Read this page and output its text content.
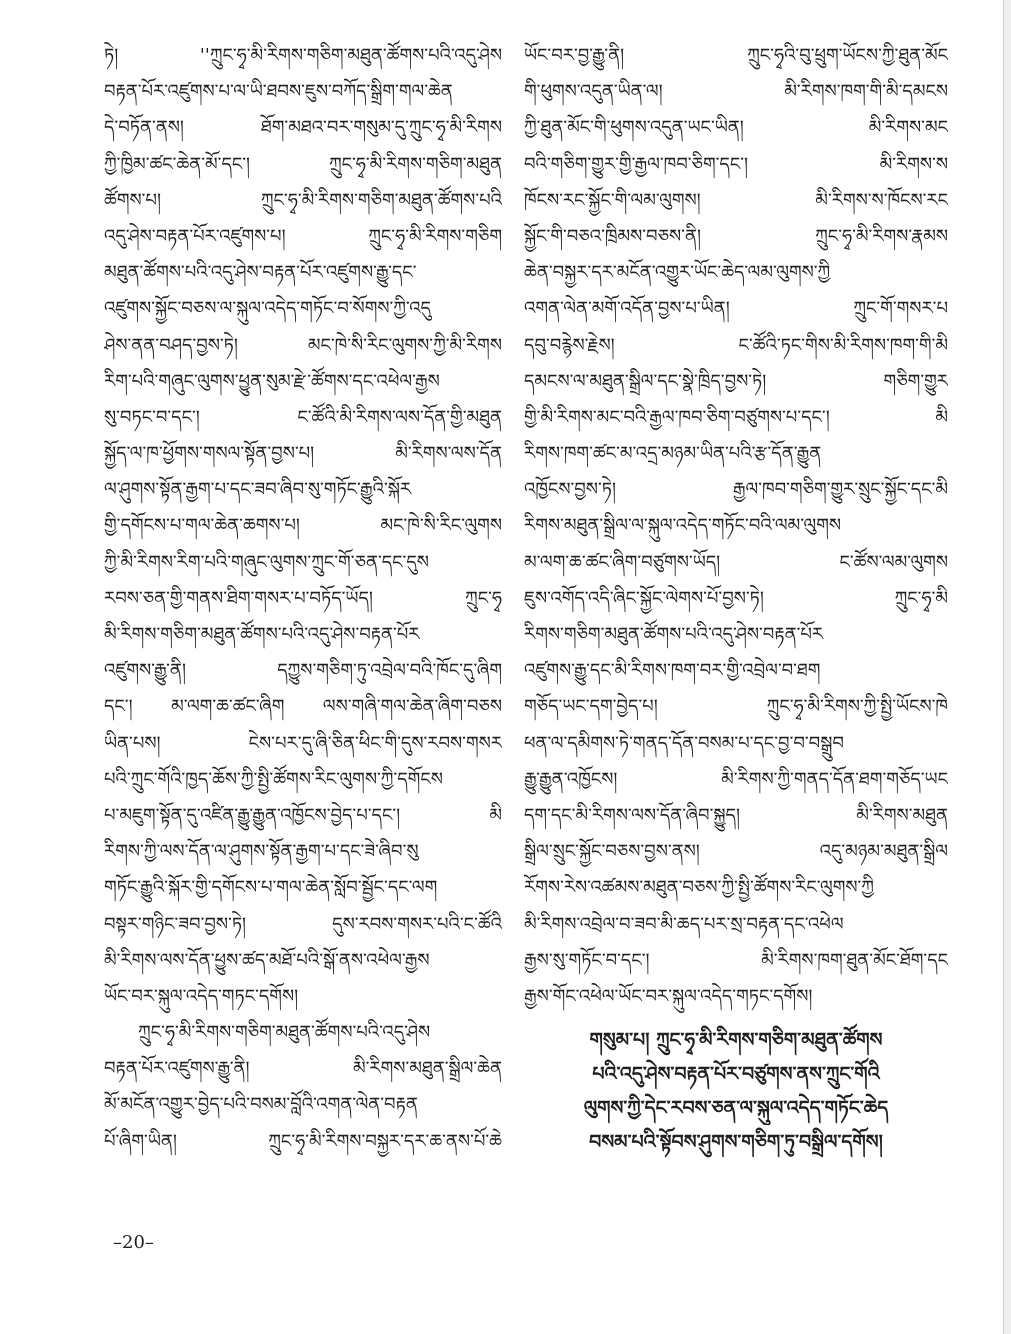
ཏེ། ''ཀྲུང་ཧྭ་མི་རིགས་གཅིག་མཐུན་ཚོགས་པའི་འདུ་ཤེས
བརྟན་པོར་འཛུགས་པ་ལ་ཡི་ཐབས་ཇུས་བཀོད་སྒྲིག་གལ་ཆེན
དེ་བཏོན་ནས། ཐོག་མཐའ་བར་གསུམ་དུ་ཀྲུང་ཧྭ་མི་རིགས
ཀྱི་ཁྱིམ་ཚང་ཆེན་མོ་དང་། ཀྲུང་ཧྭ་མི་རིགས་གཅིག་མཐུན
ཚོགས་པ། ཀྲུང་ཧྭ་མི་རིགས་གཅིག་མཐུན་ཚོགས་པའི
འདུ་ཤེས་བརྟན་པོར་འཛུགས་པ། ཀྲུང་ཧྭ་མི་རིགས་གཅིག
མཐུན་ཚོགས་པའི་འདུ་ཤེས་བརྟན་པོར་འཛུགས་རྒྱུ་དང་
འཛུགས་སྐྱོང་བཅས་ལ་སྐུལ་འདེད་གཏོང་བ་སོགས་ཀྱི་འདུ
ཤེས་ནན་བཤད་བྱས་ཏེ། མང་ཁེ་སི་རིང་ལུགས་ཀྱི་མི་རིགས
རིག་པའི་གཞུང་ལུགས་ཕྱུན་སུམ་རྫེ་ཚོགས་དང་འཕེལ་རྒྱས
སུ་བཏང་བ་དང་། ང་ཚོའི་མི་རིགས་ལས་དོན་གྱི་མཐུན
སྐྱོད་ལ་ཁ་ཕྱོགས་གསལ་སྟོན་བྱས་པ། མི་རིགས་ལས་དོན
ལ་ཤུགས་སྟོན་རྒྱག་པ་དང་ཟབ་ཞིབ་སུ་གཏོང་རྒྱུའི་སྐོར
གྱི་དགོངས་པ་གལ་ཆེན་ཆགས་པ། མང་ཁེ་སི་རིང་ལུགས
ཀྱི་མི་རིགས་རིག་པའི་གཞུང་ལུགས་ཀྲུང་གོ་ཅན་དང་དུས
རབས་ཅན་གྱི་གནས་ཐིག་གསར་པ་བཏོད་ཡོད། ཀྲུང་ཧྭ
མི་རིགས་གཅིག་མཐུན་ཚོགས་པའི་འདུ་ཤེས་བརྟན་པོར
འཛུགས་རྒྱུ་ནི། དཀྱུས་གཅིག་ཏུ་འབྲེལ་བའི་ཁོང་དུ་ཞིག
དང་། མ་ལག་ཆ་ཚང་ཞིག ལས་གཞི་གལ་ཆེན་ཞིག་བཅས
ཡིན་པས། ངེས་པར་དུ་ཞི་ཅིན་ཕིང་གི་དུས་རབས་གསར
པའི་ཀྲུང་གོའི་ཁྱད་ཆོས་ཀྱི་སྤྱི་ཚོགས་རིང་ལུགས་ཀྱི་དགོངས
པ་མཇུག་སྟོན་དུ་འཛིན་རྒྱུ་རྒྱུན་འཁྱོངས་བྱེད་པ་དང་། མི
རིགས་ཀྱི་ལས་དོན་ལ་ཤུགས་སྟོན་རྒྱག་པ་དང་ཟེ་ཞིབ་སུ
གཏོང་རྒྱུའི་སྐོར་གྱི་དགོངས་པ་གལ་ཆེན་སློབ་སྦྱོང་དང་ལག
བསྟར་གཉིང་ཟབ་བྱས་ཏེ། དུས་རབས་གསར་པའི་ང་ཚོའི
མི་རིགས་ལས་དོན་ཕྱུས་ཚད་མཐོ་པའི་སྒོ་ནས་འཕེལ་རྒྱས
ཡོང་བར་སྐུལ་འདེད་གཏང་དགོས།
ཀྲུང་ཧྭ་མི་རིགས་གཅིག་མཐུན་ཚོགས་པའི་འདུ་ཤེས
བརྟན་པོར་འཛུགས་རྒྱུ་ནི། མི་རིགས་མཐུན་སྒྲིལ་ཆེན
མོ་མངོན་འགྱུར་བྱེད་པའི་བསམ་བློའི་འགན་ལེན་བརྟན
པོ་ཞིག་ཡིན། ཀྲུང་ཧྭ་མི་རིགས་བསྐྱར་དར་ཆ་ནས་པོ་ཆེ
ཡོང་བར་བྱ་རྒྱུ་ནི། ཀྲུང་ཧྭའི་བུ་ཕྲུག་ཡོངས་ཀྱི་ཐུན་མོང
གི་ཕུགས་འདུན་ཡིན་ལ། མི་རིགས་ཁག་གི་མི་དམངས
ཀྱི་ཐུན་མོང་གི་ཕུགས་འདུན་ཡང་ཡིན། མི་རིགས་མང
བའི་གཅིག་གྱུར་གྱི་རྒྱལ་ཁབ་ཅིག་དང་། མི་རིགས་ས
ཁོངས་རང་སྐྱོང་གི་ལམ་ལུགས། མི་རིགས་ས་ཁོངས་རང
སྐྱོང་གི་བཅའ་ཁྲིམས་བཅས་ནི། ཀྲུང་ཧྭ་མི་རིགས་རྣམས
ཆེན་བསྐྱར་དར་མངོན་འགྱུར་ཡོང་ཆེད་ལམ་ལུགས་ཀྱི
འགན་ལེན་མགོ་འདོན་བྱས་པ་ཡིན། ཀྲུང་གོ་གསར་པ
དབུ་བརྙེས་རྗེས། ང་ཚོའི་ཏང་གིས་མི་རིགས་ཁག་གི་མི
དམངས་ལ་མཐུན་སྒྲིལ་དང་སྣེ་ཁྲིད་བྱས་ཏེ། གཅིག་གྱུར
གྱི་མི་རིགས་མང་བའི་རྒྱལ་ཁབ་ཅིག་བཙུགས་པ་དང་། མི
རིགས་ཁག་ཚང་མ་འདྲ་མཉམ་ཡིན་པའི་རྩ་དོན་རྒྱུན
འཁྱོངས་བྱས་ཏེ། རྒྱལ་ཁབ་གཅིག་གྱུར་སྲུང་སྐྱོང་དང་མི
རིགས་མཐུན་སྒྲིལ་ལ་སྐུལ་འདེད་གཏོང་བའི་ལམ་ལུགས
མ་ལག་ཆ་ཚང་ཞིག་བཙུགས་ཡོད། ང་ཚོས་ལམ་ལུགས
ཇུས་འགོད་འདི་ཞིང་སྐྱོང་ལེགས་པོ་བྱས་ཏེ། ཀྲུང་ཧྭ་མི
རིགས་གཅིག་མཐུན་ཚོགས་པའི་འདུ་ཤེས་བརྟན་པོར
འཛུགས་རྒྱུ་དང་མི་རིགས་ཁག་བར་གྱི་འབྲེལ་བ་ཐག
གཅོད་ཡང་དག་བྱེད་པ། ཀྲུང་ཧྭ་མི་རིགས་ཀྱི་སྤྱི་ཡོངས་ཁེ
ཕན་ལ་དམིགས་ཏེ་གནད་དོན་བསམ་པ་དང་བྱ་བ་བསྒྲུབ
རྒྱུ་རྒྱུན་འཁྱོངས། མི་རིགས་ཀྱི་གནད་དོན་ཐག་གཅོད་ཡང
དག་དང་མི་རིགས་ལས་དོན་ཞིབ་སྐྱུད། མི་རིགས་མཐུན
སྒྲིལ་སྲུང་སྐྱོང་བཅས་བྱས་ནས། འདུ་མཉམ་མཐུན་སྒྲིལ
རོགས་རེས་འཚམས་མཐུན་བཅས་ཀྱི་སྤྱི་ཚོགས་རིང་ལུགས་ཀྱི
མི་རིགས་འབྲེལ་བ་ཟབ་མི་ཆད་པར་སྲ་བརྟན་དང་འཕེལ
རྒྱས་སུ་གཏོང་བ་དང་། མི་རིགས་ཁག་ཐུན་མོང་ཐོག་དང
རྒྱས་གོང་འཕེལ་ཡོང་བར་སྐུལ་འདེད་གཏང་དགོས།
གསུམ་པ། ཀྲུང་ཧྭ་མི་རིགས་གཅིག་མཐུན་ཚོགས
པའི་འདུ་ཤེས་བརྟན་པོར་བཙུགས་ནས་ཀྲུང་གོའི
ལུགས་ཀྱི་དེང་རབས་ཅན་ལ་སྐུལ་འདེད་གཏོང་ཆེད
བསམ་པའི་སྟོབས་ཤུགས་གཅིག་ཏུ་བསྒྲིལ་དགོས།
–20–
